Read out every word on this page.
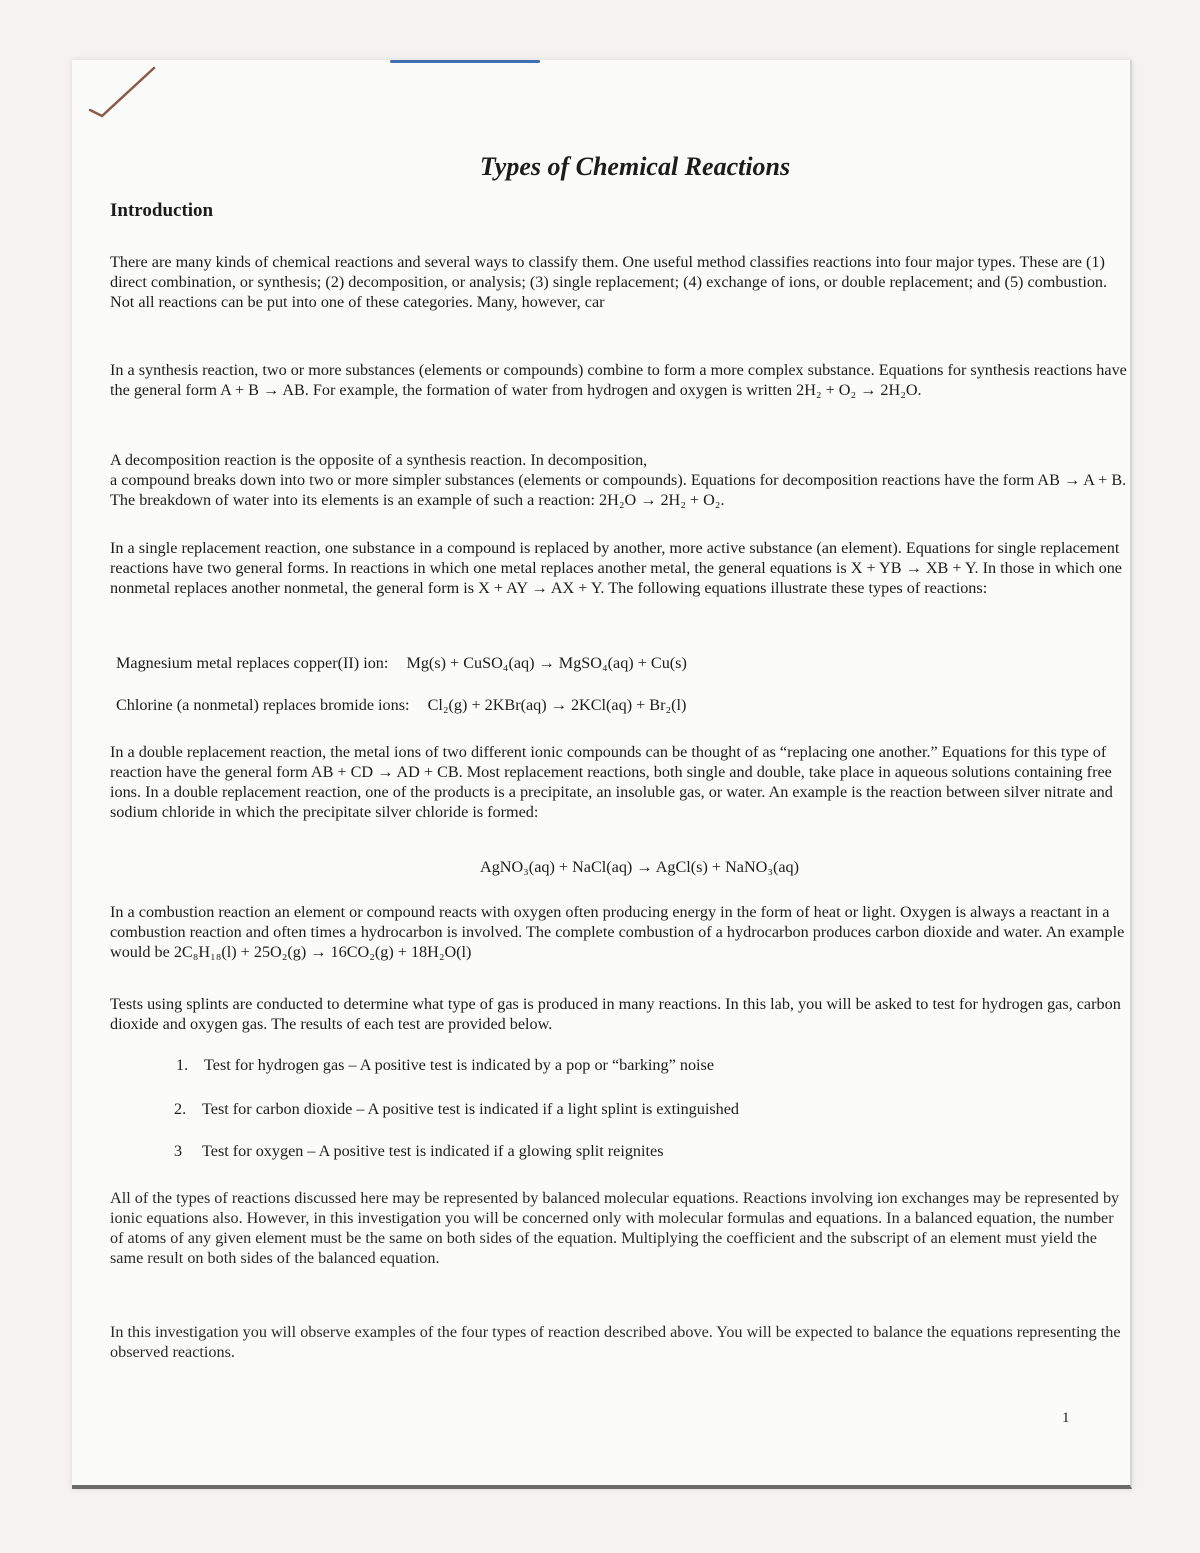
Types of Chemical Reactions
Introduction

There are many kinds of chemical reactions and several ways to classify them. One useful method classifies reactions into four major types. These are (1) direct combination, or synthesis; (2) decomposition, or analysis; (3) single replacement; (4) exchange of ions, or double replacement; and (5) combustion. Not all reactions can be put into one of these categories. Many, however, car

In a synthesis reaction, two or more substances (elements or compounds) combine to form a more complex substance. Equations for synthesis reactions have the general form A + B → AB. For example, the formation of water from hydrogen and oxygen is written 2H₂ + O₂ → 2H₂O.

A decomposition reaction is the opposite of a synthesis reaction. In decomposition,

a compound breaks down into two or more simpler substances (elements or compounds). Equations for decomposition reactions have the form AB → A + B. The breakdown of water into its elements is an example of such a reaction: 2H₂O → 2H₂ + O₂.

In a single replacement reaction, one substance in a compound is replaced by another, more active substance (an element). Equations for single replacement reactions have two general forms. In reactions in which one metal replaces another metal, the general equations is X + YB → XB + Y. In those in which one nonmetal replaces another nonmetal, the general form is X + AY → AX + Y. The following equations illustrate these types of reactions:

Magnesium metal replaces copper(II) ion: Mg(s) + CuSO₄(aq) → MgSO₄(aq) + Cu(s)
Chlorine (a nonmetal) replaces bromide ions: Cl₂(g) + 2KBr(aq) → 2KCl(aq) + Br₂(l)

In a double replacement reaction, the metal ions of two different ionic compounds can be thought of as “replacing one another.” Equations for this type of reaction have the general form AB + CD → AD + CB. Most replacement reactions, both single and double, take place in aqueous solutions containing free ions. In a double replacement reaction, one of the products is a precipitate, an insoluble gas, or water. An example is the reaction between silver nitrate and sodium chloride in which the precipitate silver chloride is formed:

AgNO₃(aq) + NaCl(aq) → AgCl(s) + NaNO₃(aq)

In a combustion reaction an element or compound reacts with oxygen often producing energy in the form of heat or light. Oxygen is always a reactant in a combustion reaction and often times a hydrocarbon is involved. The complete combustion of a hydrocarbon produces carbon dioxide and water. An example would be 2C₈H₁₈(l) + 25O₂(g) → 16CO₂(g) + 18H₂O(l)

Tests using splints are conducted to determine what type of gas is produced in many reactions. In this lab, you will be asked to test for hydrogen gas, carbon dioxide and oxygen gas. The results of each test are provided below.

1. Test for hydrogen gas – A positive test is indicated by a pop or “barking” noise
2. Test for carbon dioxide – A positive test is indicated if a light splint is extinguished
3 Test for oxygen – A positive test is indicated if a glowing split reignites

All of the types of reactions discussed here may be represented by balanced molecular equations. Reactions involving ion exchanges may be represented by ionic equations also. However, in this investigation you will be concerned only with molecular formulas and equations. In a balanced equation, the number of atoms of any given element must be the same on both sides of the equation. Multiplying the coefficient and the subscript of an element must yield the same result on both sides of the balanced equation.

In this investigation you will observe examples of the four types of reaction described above. You will be expected to balance the equations representing the observed reactions.

1
